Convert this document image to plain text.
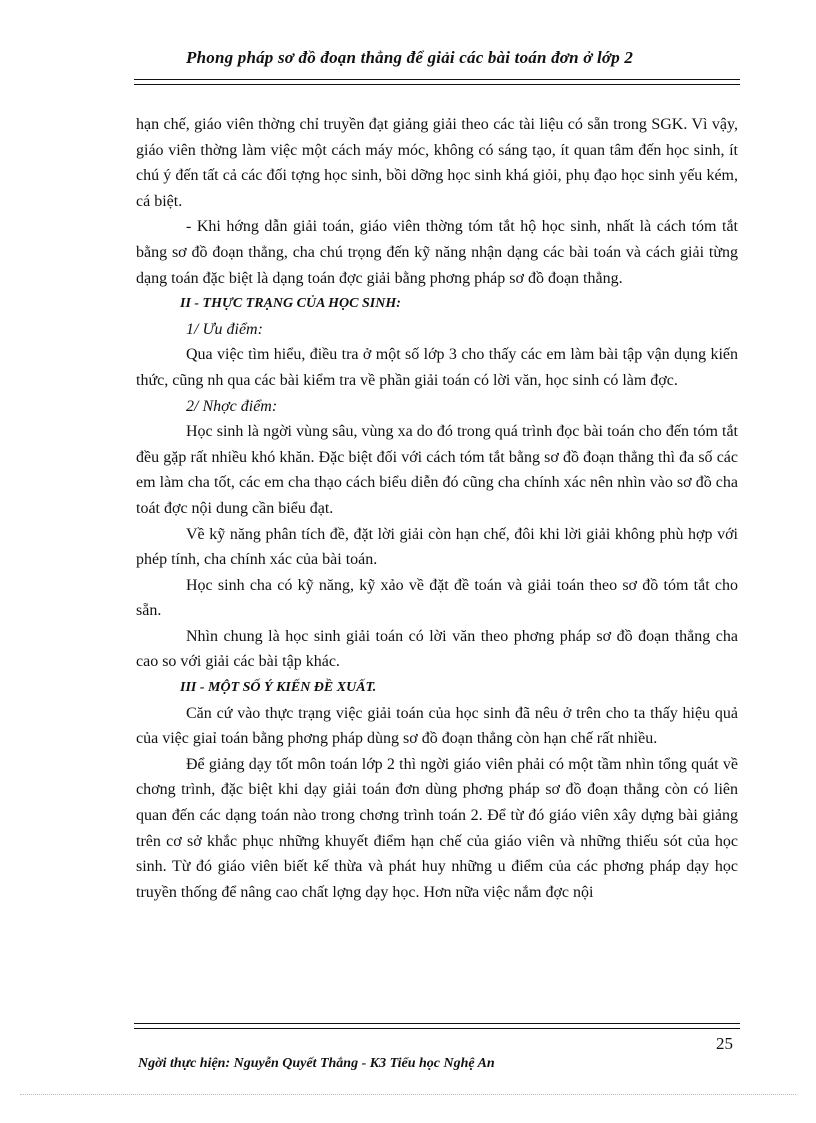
Phong pháp sơ đồ đoạn thẳng để giải các bài toán đơn ở lớp 2

hạn chế, giáo viên thờng chỉ truyền đạt giảng giải theo các tài liệu có sẵn trong SGK. Vì vậy, giáo viên thờng làm việc một cách máy móc, không có sáng tạo, ít quan tâm đến học sinh, ít chú ý đến tất cả các đối tợng học sinh, bồi dỡng học sinh khá giỏi, phụ đạo học sinh yếu kém, cá biệt.

- Khi hớng dẫn giải toán, giáo viên thờng tóm tắt hộ học sinh, nhất là cách tóm tắt bằng sơ đồ đoạn thẳng, cha chú trọng đến kỹ năng nhận dạng các bài toán và cách giải từng dạng toán đặc biệt là dạng toán đợc giải bằng phơng pháp sơ đồ đoạn thẳng.

II - THỰC TRẠNG CỦA HỌC SINH:

1/ Ưu điểm:

Qua việc tìm hiểu, điều tra ở một số lớp 3 cho thấy các em làm bài tập vận dụng kiến thức, cũng nh qua các bài kiểm tra về phần giải toán có lời văn, học sinh có làm đợc.

2/ Nhợc điểm:

Học sinh là ngời vùng sâu, vùng xa do đó trong quá trình đọc bài toán cho đến tóm tắt đều gặp rất nhiều khó khăn. Đặc biệt đối với cách tóm tắt bằng sơ đồ đoạn thẳng thì đa số các em làm cha tốt, các em cha thạo cách biểu diễn đó cũng cha chính xác nên nhìn vào sơ đồ cha toát đợc nội dung cần biểu đạt.

Về kỹ năng phân tích đề, đặt lời giải còn hạn chế, đôi khi lời giải không phù hợp với phép tính, cha chính xác của bài toán.

Học sinh cha có kỹ năng, kỹ xảo về đặt đề toán và giải toán theo sơ đồ tóm tắt cho sẵn.

Nhìn chung là học sinh giải toán có lời văn theo phơng pháp sơ đồ đoạn thẳng cha cao so với giải các bài tập khác.

III - MỘT SỐ Ý KIẾN ĐỀ XUẤT.

Căn cứ vào thực trạng việc giải toán của học sinh đã nêu ở trên cho ta thấy hiệu quả của việc giaỉ toán bằng phơng pháp dùng sơ đồ đoạn thẳng còn hạn chế rất nhiều.

Để giảng dạy tốt môn toán lớp 2 thì ngời giáo viên phải có một tầm nhìn tổng quát về chơng trình, đặc biệt khi dạy giải toán đơn dùng phơng pháp sơ đồ đoạn thẳng còn có liên quan đến các dạng toán nào trong chơng trình toán 2. Để từ đó giáo viên xây dựng bài giảng trên cơ sở khắc phục những khuyết điểm hạn chế của giáo viên và những thiếu sót của học sinh. Từ đó giáo viên biết kế thừa và phát huy những u điểm của các phơng pháp dạy học truyền thống để nâng cao chất lợng dạy học. Hơn nữa việc nắm đợc nội

25
Ngời thực hiện: Nguyễn Quyết Thắng - K3 Tiểu học Nghệ An
